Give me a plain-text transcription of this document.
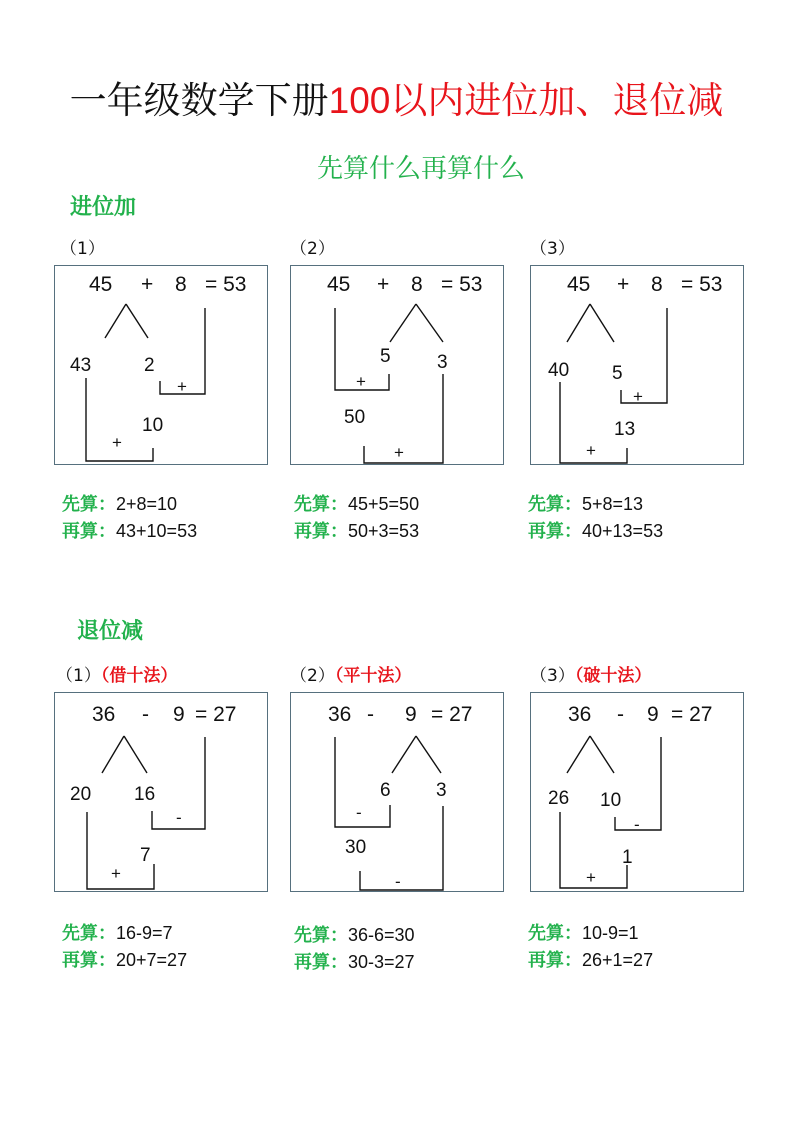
一年级数学下册100以内进位加、退位减
先算什么再算什么
进位加
（1）
45 + 8 = 53
43	2
+
10
+
先算：2+8=10
再算：43+10=53
（2）
45 + 8 = 53
5 3
+
50
+
先算：45+5=50
再算：50+3=53
（3）
45 + 8 = 53
40 5
+
13
+
先算：5+8=13
再算：40+13=53
退位减
（1）（借十法）
36 - 9 = 27
20 16
-
7
+
先算：16-9=7
再算：20+7=27
（2）（平十法）
36 - 9 = 27
6 3
-
30
-
先算：36-6=30
再算：30-3=27
（3）（破十法）
36 - 9 = 27
26 10
-
1
+
先算：10-9=1
再算：26+1=27
